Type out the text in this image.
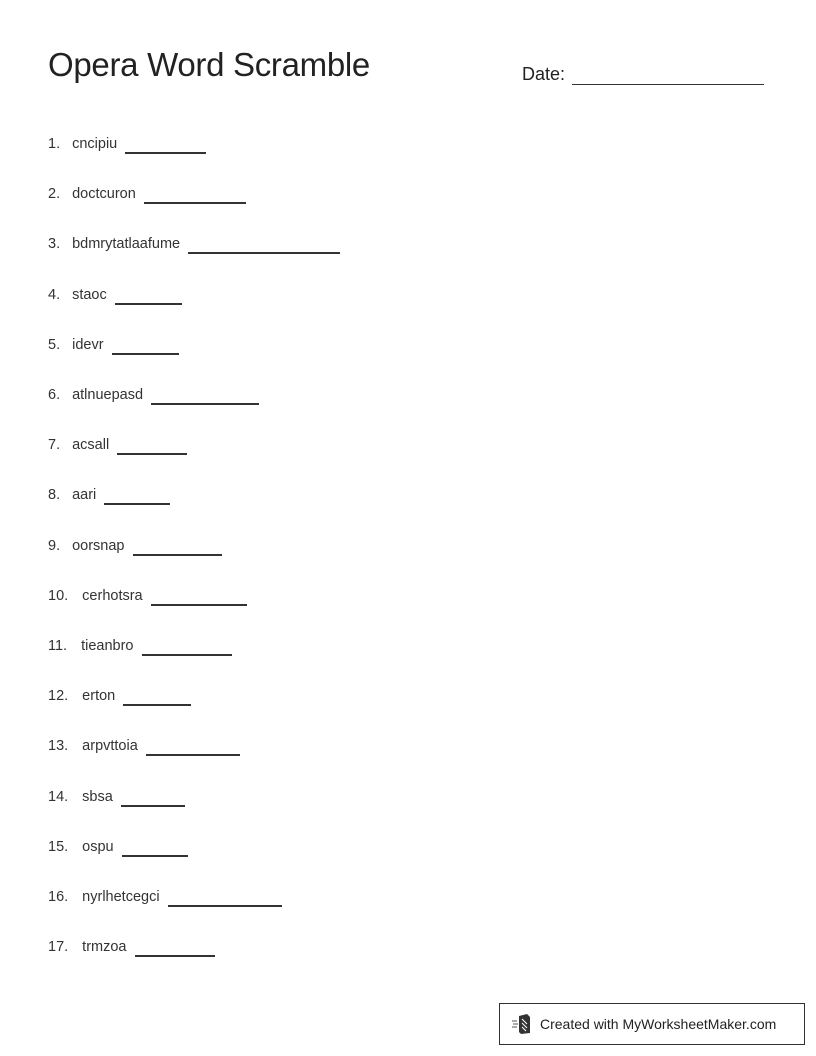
Opera Word Scramble	Date:
1. cncipiu
2. doctcuron
3. bdmrytatlaafume
4. staoc
5. idevr
6. atlnuepasd
7. acsall
8. aari
9. oorsnap
10. cerhotsra
11. tieanbro
12. erton
13. arpvttoia
14. sbsa
15. ospu
16. nyrlhetcegci
17. trmzoa
Created with MyWorksheetMaker.com
